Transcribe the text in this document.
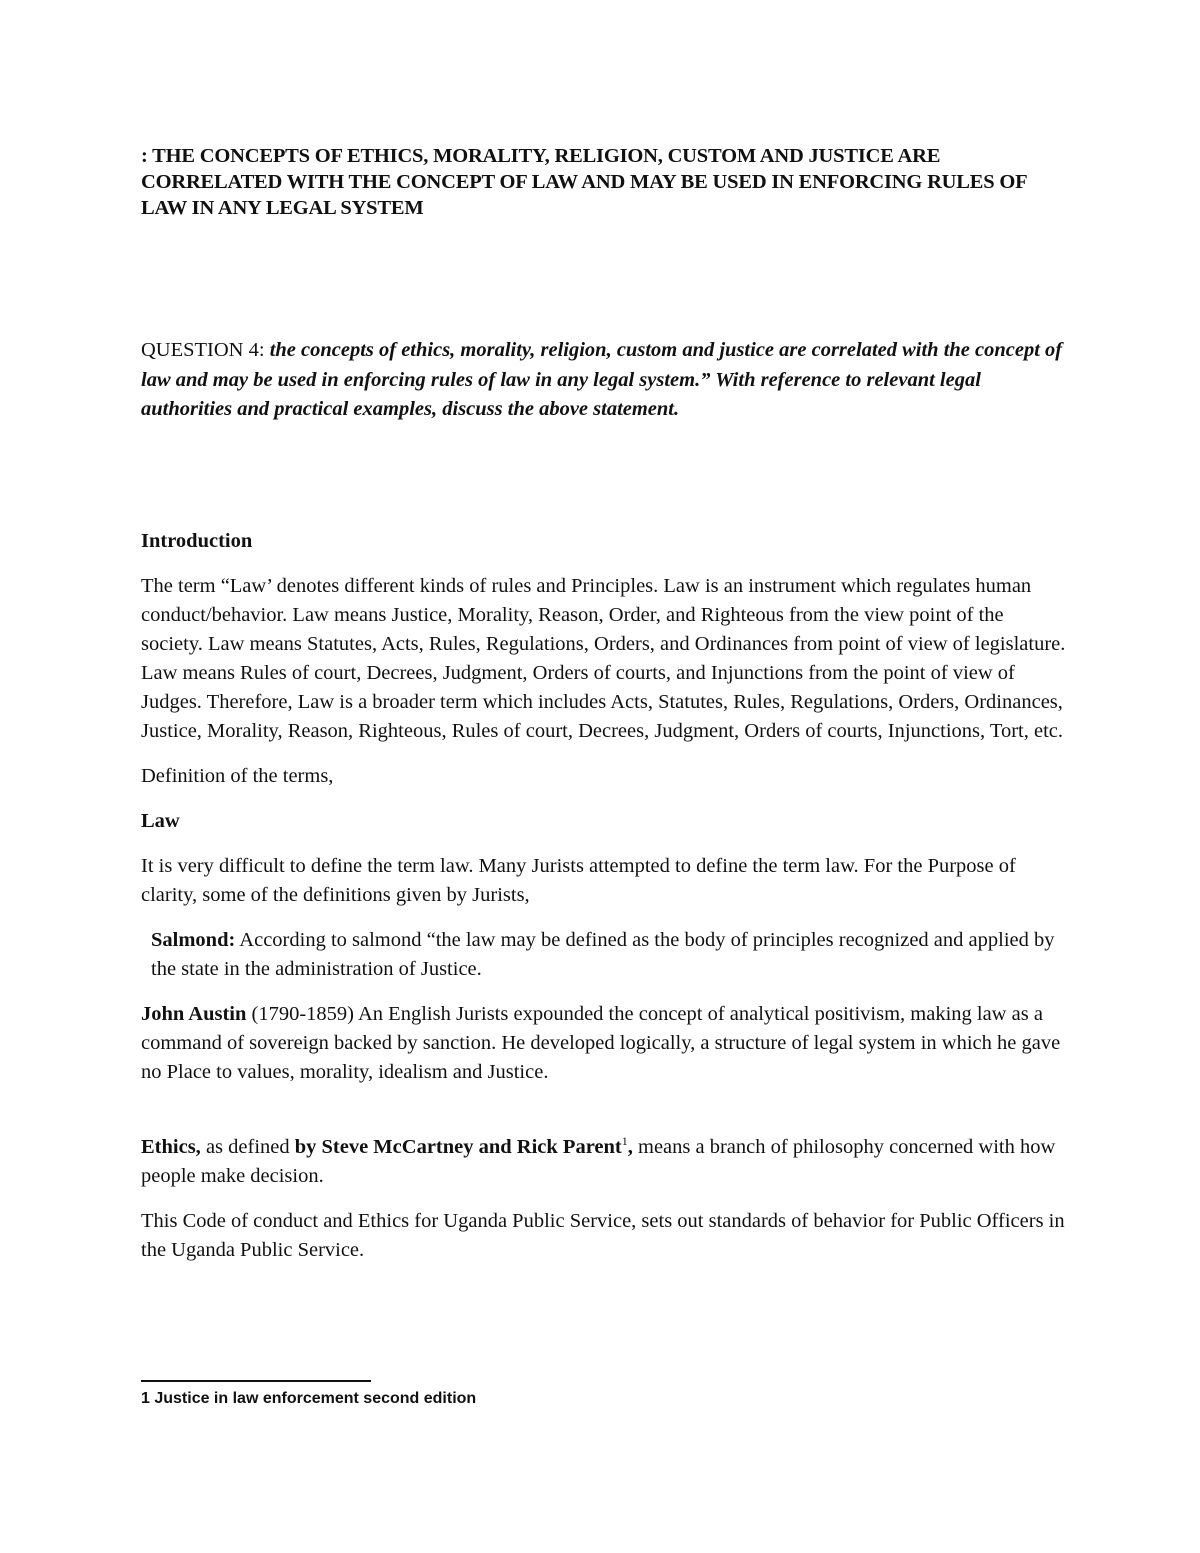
: THE CONCEPTS OF ETHICS, MORALITY, RELIGION, CUSTOM AND JUSTICE ARE CORRELATED WITH THE CONCEPT OF LAW AND MAY BE USED IN ENFORCING RULES OF LAW IN ANY LEGAL SYSTEM

QUESTION 4: the concepts of ethics, morality, religion, custom and justice are correlated with the concept of law and may be used in enforcing rules of law in any legal system.” With reference to relevant legal authorities and practical examples, discuss the above statement.

Introduction

The term “Law’ denotes different kinds of rules and Principles. Law is an instrument which regulates human conduct/behavior. Law means Justice, Morality, Reason, Order, and Righteous from the view point of the society. Law means Statutes, Acts, Rules, Regulations, Orders, and Ordinances from point of view of legislature. Law means Rules of court, Decrees, Judgment, Orders of courts, and Injunctions from the point of view of Judges. Therefore, Law is a broader term which includes Acts, Statutes, Rules, Regulations, Orders, Ordinances, Justice, Morality, Reason, Righteous, Rules of court, Decrees, Judgment, Orders of courts, Injunctions, Tort, etc.

Definition of the terms,

Law

It is very difficult to define the term law. Many Jurists attempted to define the term law. For the Purpose of clarity, some of the definitions given by Jurists,

Salmond: According to salmond “the law may be defined as the body of principles recognized and applied by the state in the administration of Justice.

John Austin (1790-1859) An English Jurists expounded the concept of analytical positivism, making law as a command of sovereign backed by sanction. He developed logically, a structure of legal system in which he gave no Place to values, morality, idealism and Justice.

Ethics, as defined by Steve McCartney and Rick Parent$^1$, means a branch of philosophy concerned with how people make decision.

This Code of conduct and Ethics for Uganda Public Service, sets out standards of behavior for Public Officers in the Uganda Public Service.

1 Justice in law enforcement second edition
